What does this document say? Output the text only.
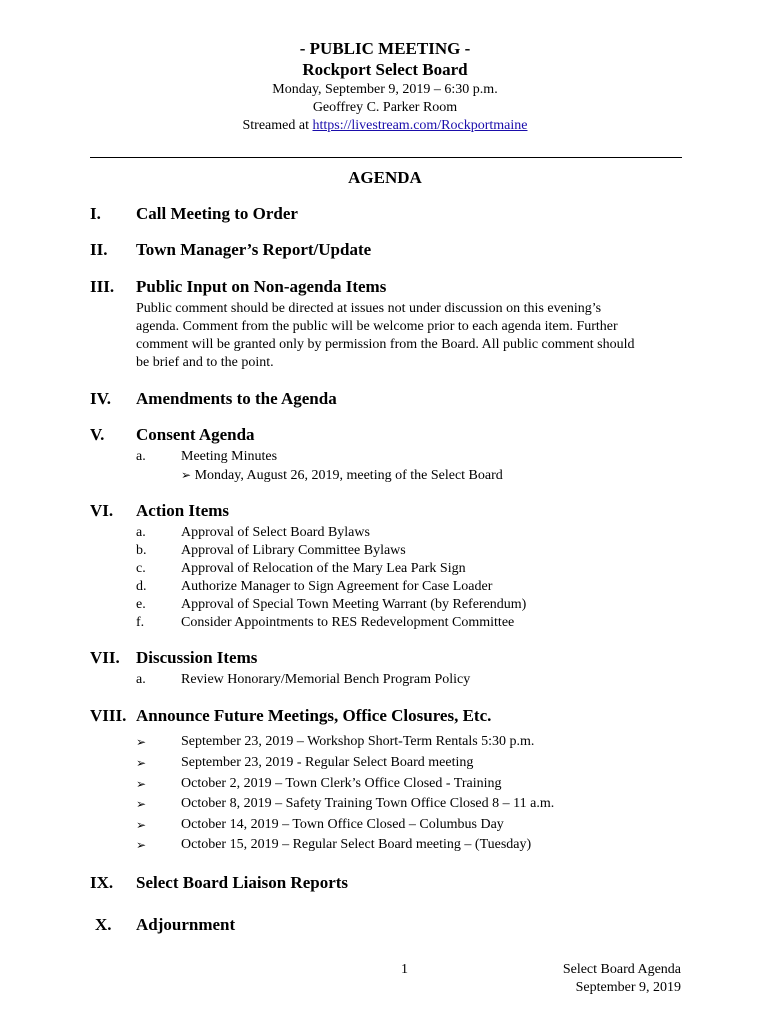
- PUBLIC MEETING -
Rockport Select Board
Monday, September 9, 2019 – 6:30 p.m.
Geoffrey C. Parker Room
Streamed at https://livestream.com/Rockportmaine
AGENDA
I. Call Meeting to Order
II. Town Manager’s Report/Update
III. Public Input on Non-agenda Items
Public comment should be directed at issues not under discussion on this evening’s
agenda. Comment from the public will be welcome prior to each agenda item. Further
comment will be granted only by permission from the Board. All public comment should
be brief and to the point.
IV. Amendments to the Agenda
V. Consent Agenda
a.	Meeting Minutes
➢ Monday, August 26, 2019, meeting of the Select Board
VI. Action Items
a.	Approval of Select Board Bylaws
b. Approval of Library Committee Bylaws
c.	Approval of Relocation of the Mary Lea Park Sign
d. Authorize Manager to Sign Agreement for Case Loader
e.	Approval of Special Town Meeting Warrant (by Referendum)
f.	Consider Appointments to RES Redevelopment Committee
VII. Discussion Items
a.	Review Honorary/Memorial Bench Program Policy
VIII. Announce Future Meetings, Office Closures, Etc.
➢ September 23, 2019 – Workshop Short-Term Rentals 5:30 p.m.
➢ September 23, 2019 - Regular Select Board meeting
➢ October 2, 2019 – Town Clerk’s Office Closed - Training
➢ October 8, 2019 – Safety Training Town Office Closed 8 – 11 a.m.
➢ October 14, 2019 – Town Office Closed – Columbus Day
➢ October 15, 2019 – Regular Select Board meeting – (Tuesday)
IX. Select Board Liaison Reports
X. Adjournment
1	Select Board Agenda
September 9, 2019
